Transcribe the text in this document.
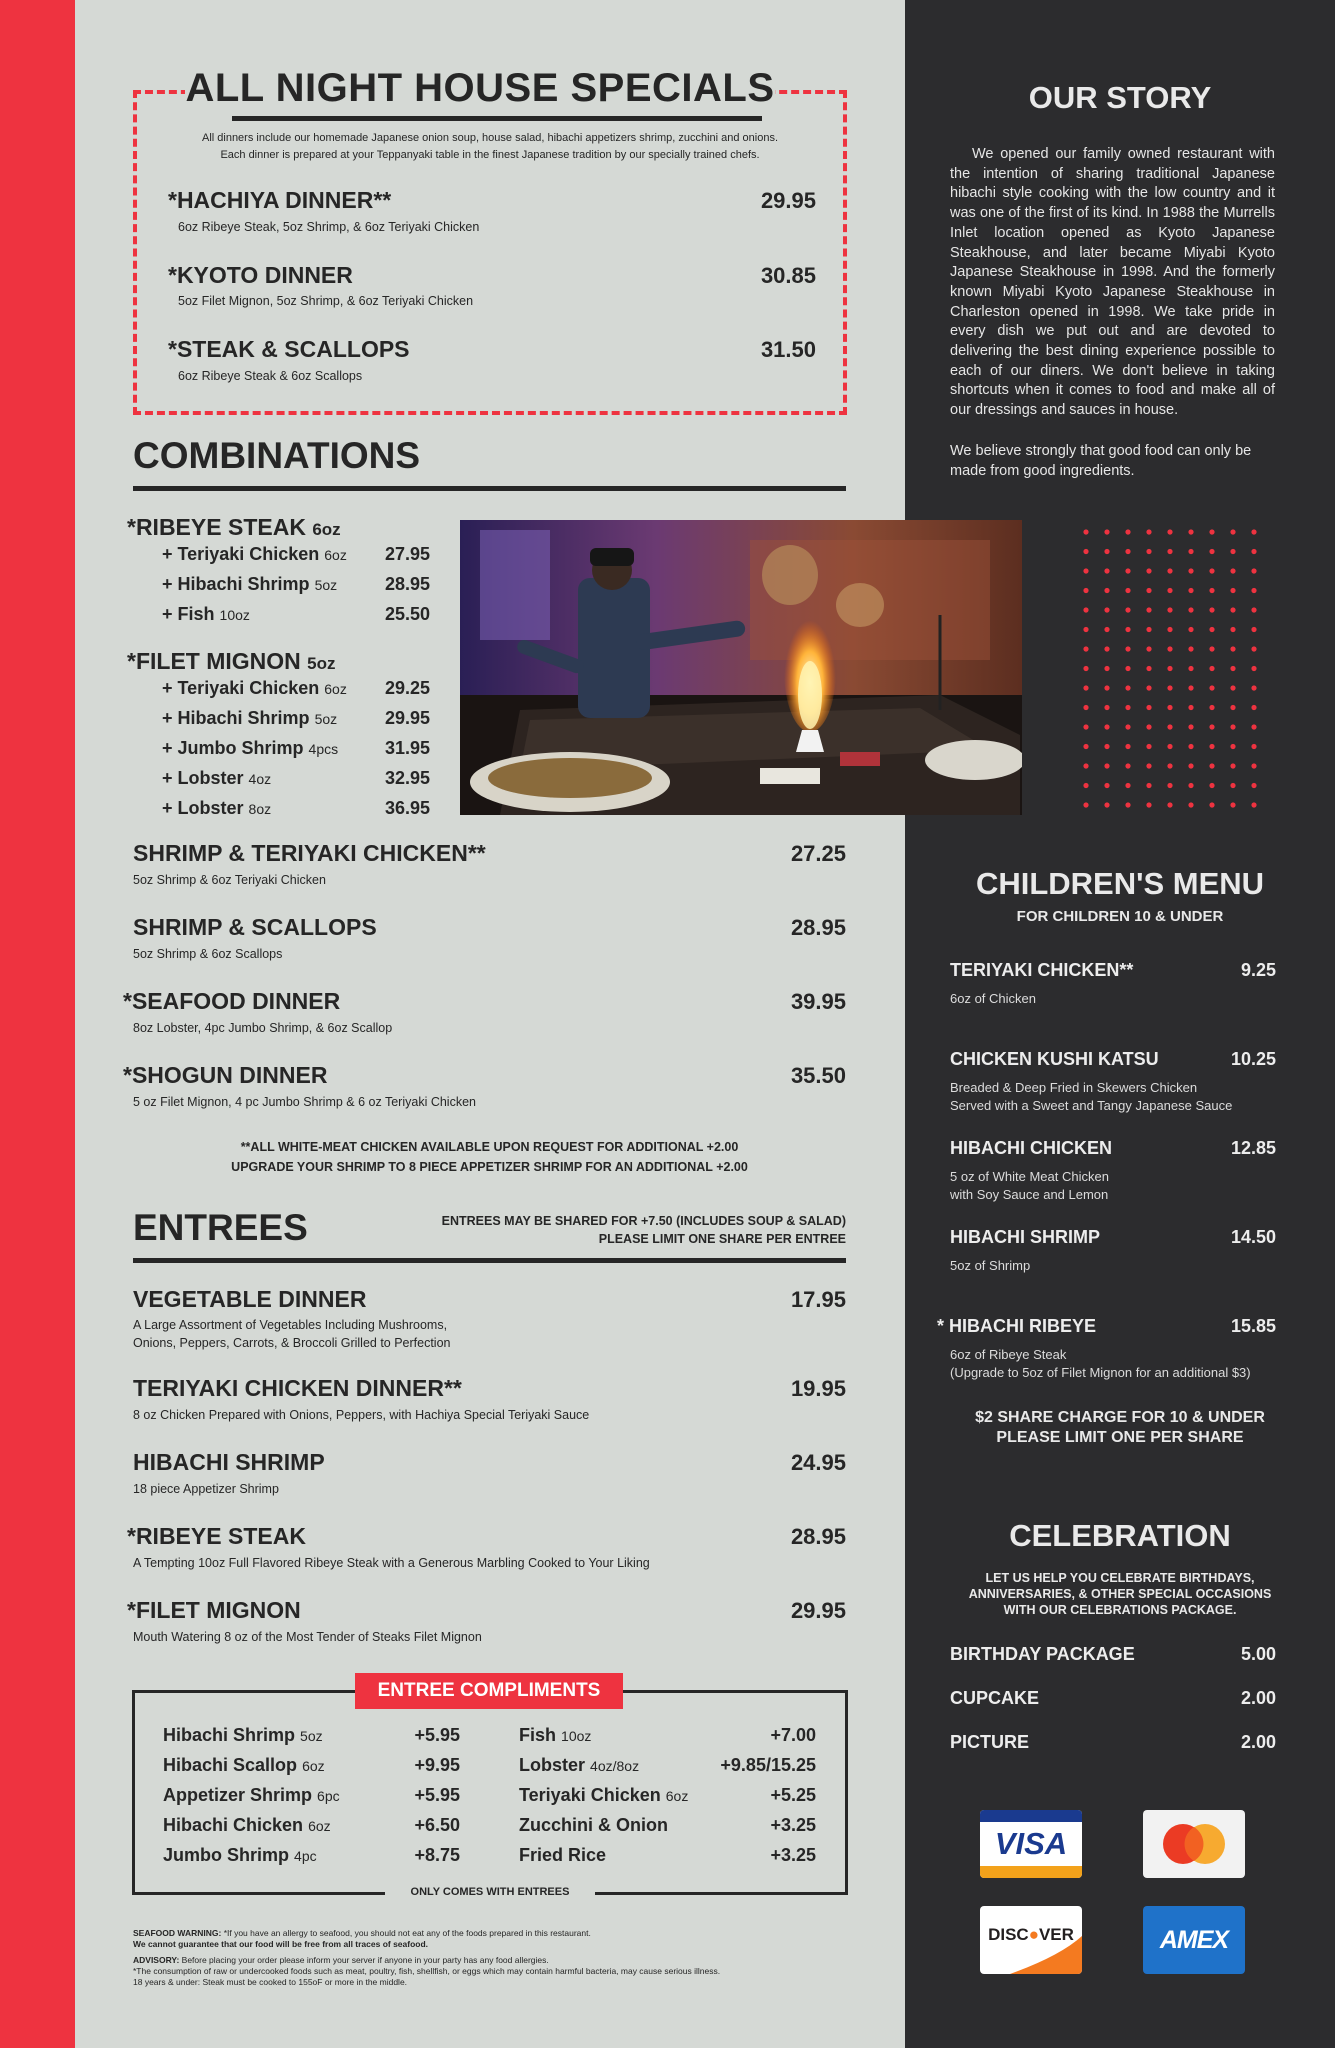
ALL NIGHT HOUSE SPECIALS
All dinners include our homemade Japanese onion soup, house salad, hibachi appetizers shrimp, zucchini and onions.
Each dinner is prepared at your Teppanyaki table in the finest Japanese tradition by our specially trained chefs.
*HACHIYA DINNER**	29.95
6oz Ribeye Steak, 5oz Shrimp, & 6oz Teriyaki Chicken
*KYOTO DINNER	30.85
5oz Filet Mignon, 5oz Shrimp, & 6oz Teriyaki Chicken
*STEAK & SCALLOPS	31.50
6oz Ribeye Steak & 6oz Scallops
COMBINATIONS
*RIBEYE STEAK 6oz
+ Teriyaki Chicken 6oz	27.95
+ Hibachi Shrimp 5oz	28.95
+ Fish 10oz	25.50
*FILET MIGNON 5oz
+ Teriyaki Chicken 6oz	29.25
+ Hibachi Shrimp 5oz	29.95
+ Jumbo Shrimp 4pcs	31.95
+ Lobster 4oz	32.95
+ Lobster 8oz	36.95
SHRIMP & TERIYAKI CHICKEN**	27.25
5oz Shrimp & 6oz Teriyaki Chicken
SHRIMP & SCALLOPS	28.95
5oz Shrimp & 6oz Scallops
*SEAFOOD DINNER	39.95
8oz Lobster, 4pc Jumbo Shrimp, & 6oz Scallop
*SHOGUN DINNER	35.50
5 oz Filet Mignon, 4 pc Jumbo Shrimp & 6 oz Teriyaki Chicken
**ALL WHITE-MEAT CHICKEN AVAILABLE UPON REQUEST FOR ADDITIONAL +2.00
UPGRADE YOUR SHRIMP TO 8 PIECE APPETIZER SHRIMP FOR AN ADDITIONAL +2.00
ENTREES	ENTREES MAY BE SHARED FOR +7.50 (INCLUDES SOUP & SALAD)
PLEASE LIMIT ONE SHARE PER ENTREE
VEGETABLE DINNER	17.95
A Large Assortment of Vegetables Including Mushrooms,
Onions, Peppers, Carrots, & Broccoli Grilled to Perfection
TERIYAKI CHICKEN DINNER**	19.95
8 oz Chicken Prepared with Onions, Peppers, with Hachiya Special Teriyaki Sauce
HIBACHI SHRIMP	24.95
18 piece Appetizer Shrimp
*RIBEYE STEAK	28.95
A Tempting 10oz Full Flavored Ribeye Steak with a Generous Marbling Cooked to Your Liking
*FILET MIGNON	29.95
Mouth Watering 8 oz of the Most Tender of Steaks Filet Mignon
ENTREE COMPLIMENTS
Hibachi Shrimp 5oz	+5.95
Hibachi Scallop 6oz	+9.95
Appetizer Shrimp 6pc	+5.95
Hibachi Chicken 6oz	+6.50
Jumbo Shrimp 4pc	+8.75
Fish 10oz	+7.00
Lobster 4oz/8oz	+9.85/15.25
Teriyaki Chicken 6oz	+5.25
Zucchini & Onion	+3.25
Fried Rice	+3.25
ONLY COMES WITH ENTREES
SEAFOOD WARNING: *If you have an allergy to seafood, you should not eat any of the foods prepared in this restaurant.
We cannot guarantee that our food will be free from all traces of seafood.
ADVISORY: Before placing your order please inform your server if anyone in your party has any food allergies.
*The consumption of raw or undercooked foods such as meat, poultry, fish, shellfish, or eggs which may contain harmful bacteria, may cause serious illness.
18 years & under: Steak must be cooked to 155oF or more in the middle.
OUR STORY
We opened our family owned restaurant with the intention of sharing traditional Japanese hibachi style cooking with the low country and it was one of the first of its kind. In 1988 the Murrells Inlet location opened as Kyoto Japanese Steakhouse, and later became Miyabi Kyoto Japanese Steakhouse in 1998. And the formerly known Miyabi Kyoto Japanese Steakhouse in Charleston opened in 1998. We take pride in every dish we put out and are devoted to delivering the best dining experience possible to each of our diners. We don't believe in taking shortcuts when it comes to food and make all of our dressings and sauces in house.
We believe strongly that good food can only be made from good ingredients.
CHILDREN'S MENU
FOR CHILDREN 10 & UNDER
TERIYAKI CHICKEN**	9.25
6oz of Chicken
CHICKEN KUSHI KATSU	10.25
Breaded & Deep Fried in Skewers Chicken
Served with a Sweet and Tangy Japanese Sauce
HIBACHI CHICKEN	12.85
5 oz of White Meat Chicken
with Soy Sauce and Lemon
HIBACHI SHRIMP	14.50
5oz of Shrimp
* HIBACHI RIBEYE	15.85
6oz of Ribeye Steak
(Upgrade to 5oz of Filet Mignon for an additional $3)
$2 SHARE CHARGE FOR 10 & UNDER
PLEASE LIMIT ONE PER SHARE
CELEBRATION
LET US HELP YOU CELEBRATE BIRTHDAYS,
ANNIVERSARIES, & OTHER SPECIAL OCCASIONS
WITH OUR CELEBRATIONS PACKAGE.
BIRTHDAY PACKAGE	5.00
CUPCAKE	2.00
PICTURE	2.00
VISA
DISC●VER	AMEX
